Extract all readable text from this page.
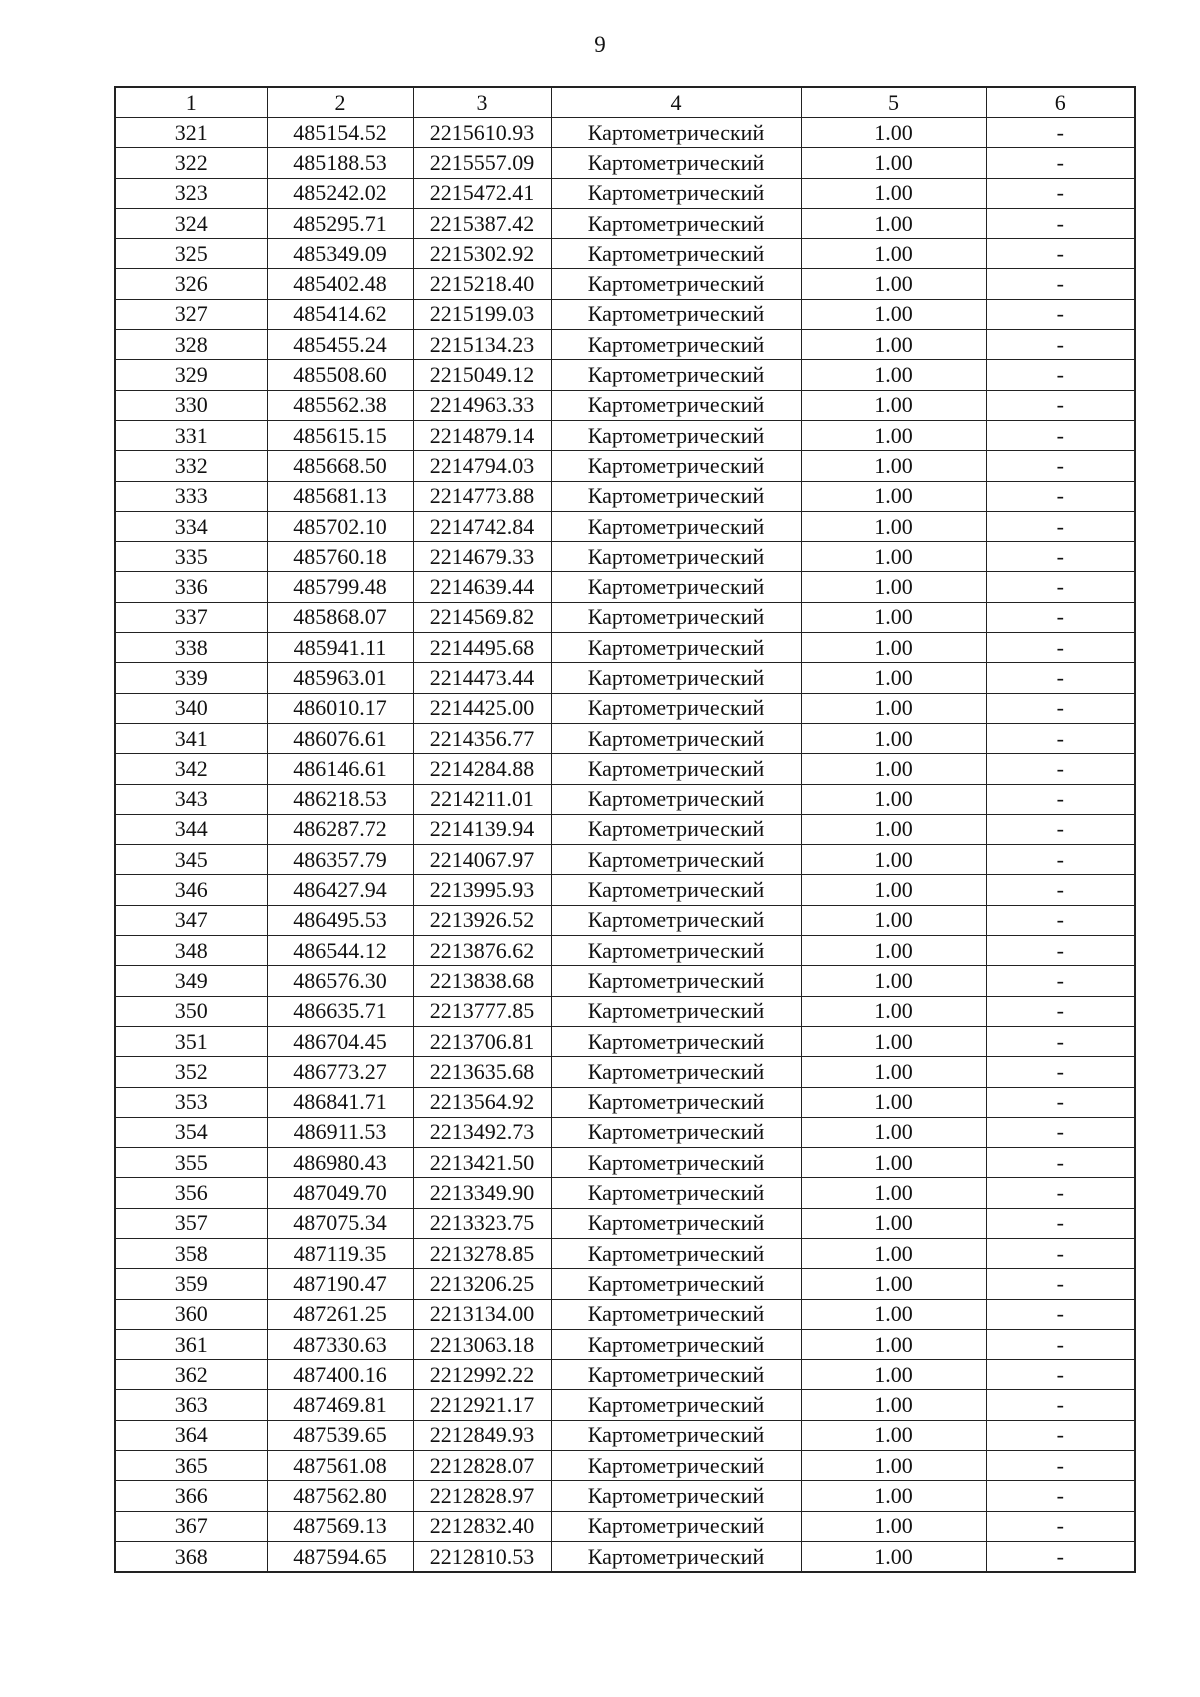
9
1	2	3	4	5	6
321	485154.52	2215610.93	Картометрический	1.00	-
322	485188.53	2215557.09	Картометрический	1.00	-
323	485242.02	2215472.41	Картометрический	1.00	-
324	485295.71	2215387.42	Картометрический	1.00	-
325	485349.09	2215302.92	Картометрический	1.00	-
326	485402.48	2215218.40	Картометрический	1.00	-
327	485414.62	2215199.03	Картометрический	1.00	-
328	485455.24	2215134.23	Картометрический	1.00	-
329	485508.60	2215049.12	Картометрический	1.00	-
330	485562.38	2214963.33	Картометрический	1.00	-
331	485615.15	2214879.14	Картометрический	1.00	-
332	485668.50	2214794.03	Картометрический	1.00	-
333	485681.13	2214773.88	Картометрический	1.00	-
334	485702.10	2214742.84	Картометрический	1.00	-
335	485760.18	2214679.33	Картометрический	1.00	-
336	485799.48	2214639.44	Картометрический	1.00	-
337	485868.07	2214569.82	Картометрический	1.00	-
338	485941.11	2214495.68	Картометрический	1.00	-
339	485963.01	2214473.44	Картометрический	1.00	-
340	486010.17	2214425.00	Картометрический	1.00	-
341	486076.61	2214356.77	Картометрический	1.00	-
342	486146.61	2214284.88	Картометрический	1.00	-
343	486218.53	2214211.01	Картометрический	1.00	-
344	486287.72	2214139.94	Картометрический	1.00	-
345	486357.79	2214067.97	Картометрический	1.00	-
346	486427.94	2213995.93	Картометрический	1.00	-
347	486495.53	2213926.52	Картометрический	1.00	-
348	486544.12	2213876.62	Картометрический	1.00	-
349	486576.30	2213838.68	Картометрический	1.00	-
350	486635.71	2213777.85	Картометрический	1.00	-
351	486704.45	2213706.81	Картометрический	1.00	-
352	486773.27	2213635.68	Картометрический	1.00	-
353	486841.71	2213564.92	Картометрический	1.00	-
354	486911.53	2213492.73	Картометрический	1.00	-
355	486980.43	2213421.50	Картометрический	1.00	-
356	487049.70	2213349.90	Картометрический	1.00	-
357	487075.34	2213323.75	Картометрический	1.00	-
358	487119.35	2213278.85	Картометрический	1.00	-
359	487190.47	2213206.25	Картометрический	1.00	-
360	487261.25	2213134.00	Картометрический	1.00	-
361	487330.63	2213063.18	Картометрический	1.00	-
362	487400.16	2212992.22	Картометрический	1.00	-
363	487469.81	2212921.17	Картометрический	1.00	-
364	487539.65	2212849.93	Картометрический	1.00	-
365	487561.08	2212828.07	Картометрический	1.00	-
366	487562.80	2212828.97	Картометрический	1.00	-
367	487569.13	2212832.40	Картометрический	1.00	-
368	487594.65	2212810.53	Картометрический	1.00	-
